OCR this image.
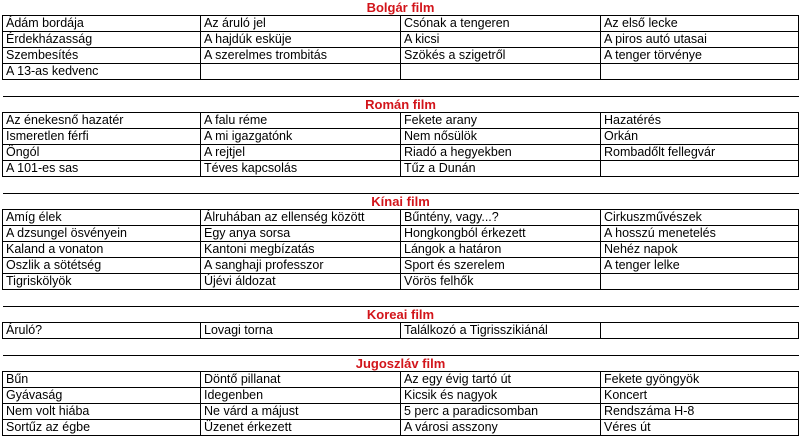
Bolgár film			
Ádám bordája	Az áruló jel	Csónak a tengeren	Az első lecke
Érdekházasság	A hajdúk esküje	A kicsi	A piros autó utasai
Szembesítés	A szerelmes trombitás	Szökés a szigetről	A tenger törvénye
A 13-as kedvenc			

Román film			
Az énekesnő hazatér	A falu réme	Fekete arany	Hazatérés
Ismeretlen férfi	A mi igazgatónk	Nem nősülök	Orkán
Öngól	A rejtjel	Riadó a hegyekben	Rombadőlt fellegvár
A 101-es sas	Téves kapcsolás	Tűz a Dunán	

Kínai film			
Amíg élek	Álruhában az ellenség között	Bűntény, vagy...?	Cirkuszművészek
A dzsungel ösvényein	Egy anya sorsa	Hongkongból érkezett	A hosszú menetelés
Kaland a vonaton	Kantoni megbízatás	Lángok a határon	Nehéz napok
Oszlik a sötétség	A sanghaji professzor	Sport és szerelem	A tenger lelke
Tigriskölyök	Újévi áldozat	Vörös felhők	

Koreai film			
Áruló?	Lovagi torna	Találkozó a Tigrisszikiánál	

Jugoszláv film			
Bűn	Döntő pillanat	Az egy évig tartó út	Fekete gyöngyök
Gyávaság	Idegenben	Kicsik és nagyok	Koncert
Nem volt hiába	Ne várd a májust	5 perc a paradicsomban	Rendszáma H-8
Sortűz az égbe	Üzenet érkezett	A városi asszony	Véres út
